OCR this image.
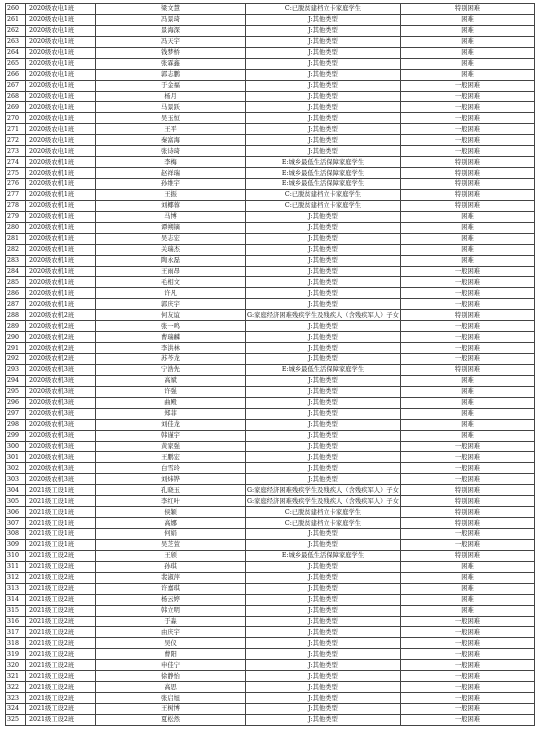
260	2020级农电1班	梁文慧	C:已脱贫建档立卡家庭学生	特别困难
261	2020级农电1班	冯景琦	J:其他类型	困难
262	2020级农电1班	景海深	J:其他类型	困难
263	2020级农电1班	冯天宇	J:其他类型	困难
264	2020级农电1班	钱梦桥	J:其他类型	困难
265	2020级农电1班	张霖鑫	J:其他类型	困难
266	2020级农电1班	郭志鹏	J:其他类型	困难
267	2020级农电1班	于金福	J:其他类型	一般困难
268	2020级农电1班	杨月	J:其他类型	一般困难
269	2020级农电1班	马景跃	J:其他类型	一般困难
270	2020级农电1班	吴玉恒	J:其他类型	一般困难
271	2020级农电1班	王平	J:其他类型	一般困难
272	2020级农电1班	秦富海	J:其他类型	一般困难
273	2020级农电1班	张诗琦	J:其他类型	一般困难
274	2020级农机1班	李梅	E:城乡最低生活保障家庭学生	特别困难
275	2020级农机1班	赵祥瑞	E:城乡最低生活保障家庭学生	特别困难
276	2020级农机1班	孙维宇	E:城乡最低生活保障家庭学生	特别困难
277	2020级农机1班	王振	C:已脱贫建档立卡家庭学生	特别困难
278	2020级农机1班	刘椰蓉	C:已脱贫建档立卡家庭学生	特别困难
279	2020级农机1班	马博	J:其他类型	困难
280	2020级农机1班	谭朔镝	J:其他类型	困难
281	2020级农机1班	吴志宏	J:其他类型	困难
282	2020级农机1班	关瑞杰	J:其他类型	困难
283	2020级农机1班	陶永磊	J:其他类型	困难
284	2020级农机1班	王雨昂	J:其他类型	一般困难
285	2020级农机1班	毛相文	J:其他类型	一般困难
286	2020级农机1班	许凡	J:其他类型	一般困难
287	2020级农机1班	郭庆宇	J:其他类型	一般困难
288	2020级农机2班	何友谊	G:家庭经济困难残疾学生及残疾人（含残疾军人）子女	特别困难
289	2020级农机2班	张一鸣	J:其他类型	一般困难
290	2020级农机2班	曹瑞麟	J:其他类型	一般困难
291	2020级农机2班	李洪林	J:其他类型	一般困难
292	2020级农机2班	苏芩龙	J:其他类型	一般困难
293	2020级农机3班	宁浩先	E:城乡最低生活保障家庭学生	特别困难
294	2020级农机3班	高斌	J:其他类型	困难
295	2020级农机3班	许强	J:其他类型	困难
296	2020级农机3班	曲殿	J:其他类型	困难
297	2020级农机3班	郑菲	J:其他类型	困难
298	2020级农机3班	刘佳龙	J:其他类型	困难
299	2020级农机3班	韩谨宇	J:其他类型	困难
300	2020级农机3班	黄家强	J:其他类型	一般困难
301	2020级农机3班	王鹏宏	J:其他类型	一般困难
302	2020级农机3班	白雪玲	J:其他类型	一般困难
303	2020级农机3班	刘炜铧	J:其他类型	一般困难
304	2021级工设1班	孔晓玉	G:家庭经济困难残疾学生及残疾人（含残疾军人）子女	特别困难
305	2021级工设1班	李红叶	G:家庭经济困难残疾学生及残疾人（含残疾军人）子女	特别困难
306	2021级工设1班	侯颖	C:已脱贫建档立卡家庭学生	特别困难
307	2021级工设1班	高娜	C:已脱贫建档立卡家庭学生	特别困难
308	2021级工设1班	何娟	J:其他类型	一般困难
309	2021级工设1班	吴芝萱	J:其他类型	一般困难
310	2021级工设2班	王颀	E:城乡最低生活保障家庭学生	特别困难
311	2021级工设2班	孙琪	J:其他类型	困难
312	2021级工设2班	裴淑萍	J:其他类型	困难
313	2021级工设2班	许嘉琪	J:其他类型	困难
314	2021级工设2班	杨云婷	J:其他类型	困难
315	2021级工设2班	韩立明	J:其他类型	困难
316	2021级工设2班	于淼	J:其他类型	一般困难
317	2021级工设2班	由庆宇	J:其他类型	一般困难
318	2021级工设2班	吴仪	J:其他类型	一般困难
319	2021级工设2班	曹阳	J:其他类型	一般困难
320	2021级工设2班	申佳宁	J:其他类型	一般困难
321	2021级工设2班	徐静怡	J:其他类型	一般困难
322	2021级工设2班	高思	J:其他类型	一般困难
323	2021级工设2班	张启旭	J:其他类型	一般困难
324	2021级工设2班	王树博	J:其他类型	一般困难
325	2021级工设2班	夏松然	J:其他类型	一般困难
